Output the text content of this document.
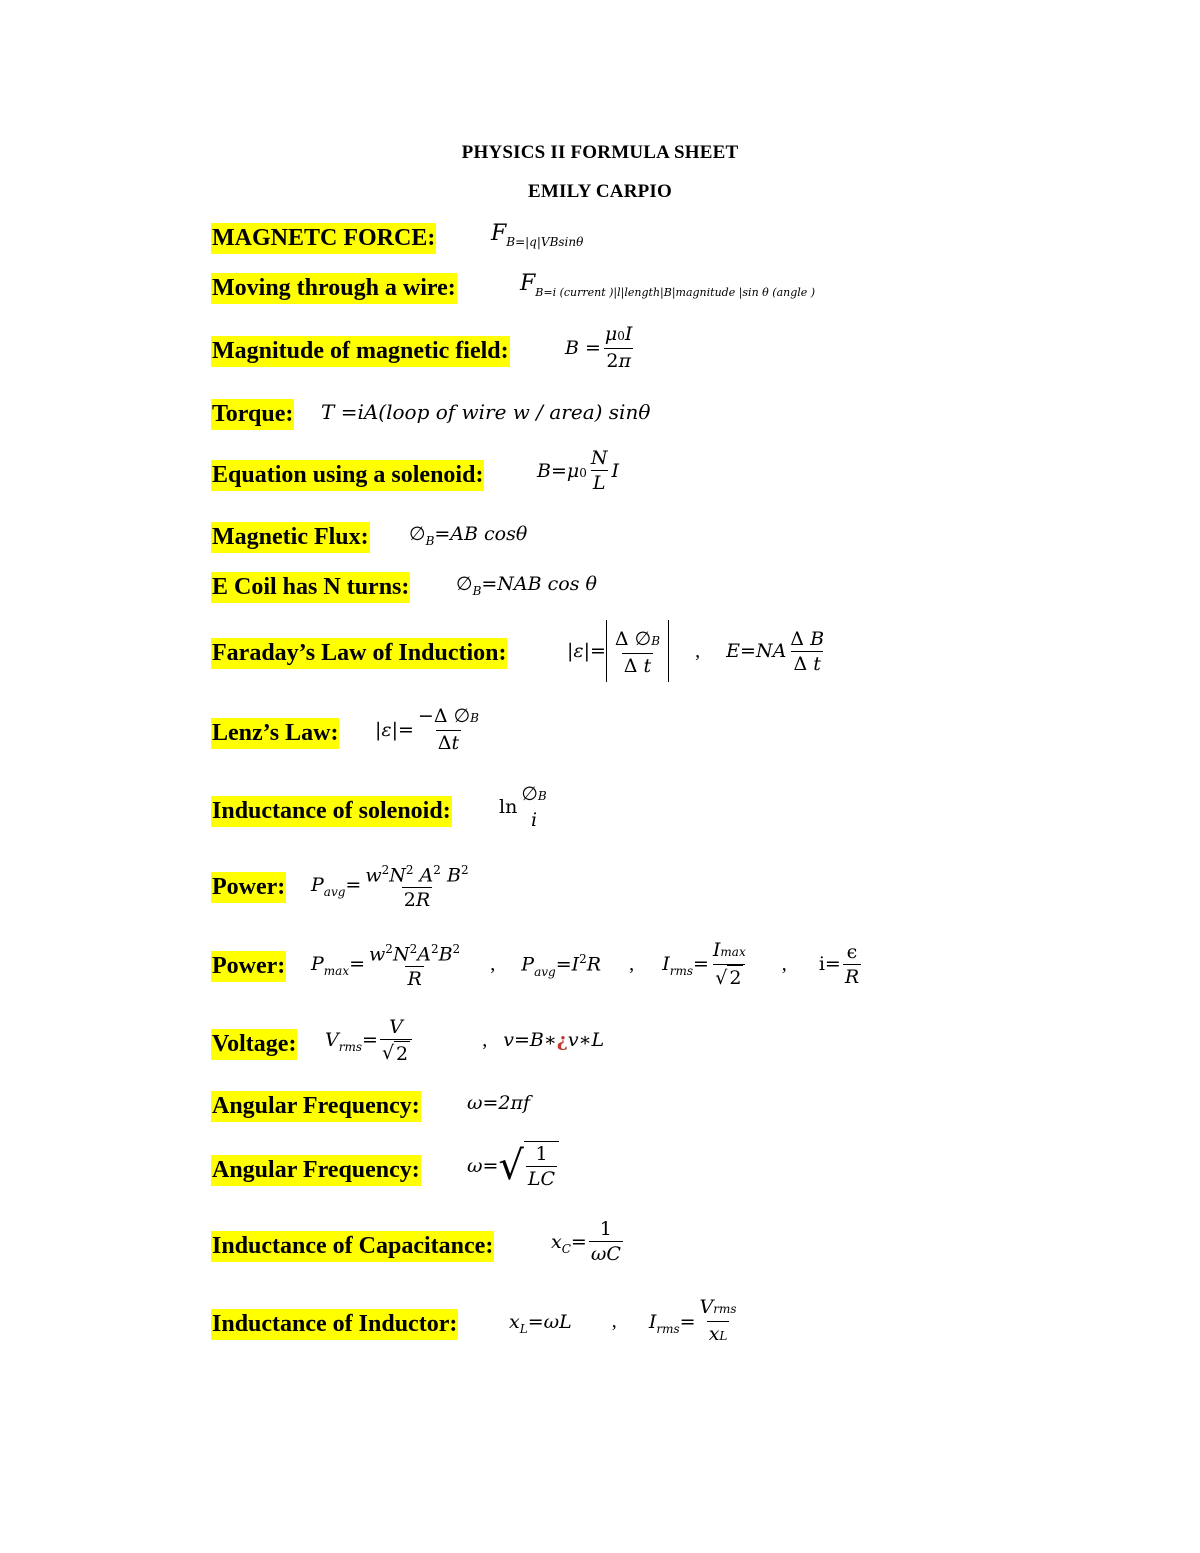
PHYSICS II FORMULA SHEET
EMILY CARPIO
MAGNETC FORCE:	$F_{B=|q|VBsin\theta}$
Moving through a wire:	$F_{B=i (current )|l|length|B|magnitude |sin \theta (angle )}$
Magnitude of magnetic field:	$B = \frac{\mu 0I}{2\pi}$
Torque: T =iA(loop of wire w / area) sinθ
Equation using a solenoid:	$B=\mu 0 \frac{N}{L}$ I
Magnetic Flux: $\emptyset_B=AB$ cosθ
E Coil has N turns: $\emptyset_B=NAB$ cos θ
Faraday’s Law of Induction:	$|\varepsilon|= \frac{\Delta \emptyset B}{\text{Δ t}}$ , $E=NA \frac{\text{Δ B}}{\text{Δ t}}$
Lenz’s Law: $|\varepsilon|= \frac{-\Delta \emptyset B}{\Delta t}$
Inductance of solenoid:	ln
∅B
i
Power: $P_{avg}= \frac{w^2N^2 A^2 B^2}{2R}$
Power: $P_{max}= \frac{w^2N^2A^2B^2}{R}$ , $P_{avg}=I^2R$ , $I_{rms}=$
Imax
√ 2
, $i= \frac{\epsilon}{R}$
Voltage: $V_{rms}= \frac{V}{√ 2}$	, v=B∗¿v∗L
Angular Frequency: ω=2πf
Angular Frequency: ω= √ 1
LC
Inductance of Capacitance:	$x_C= \frac{1}{\omega C}$
Inductance of Inductor:	$x_L=\omega L$ , $I_{rms}=$
Vrms
xL
